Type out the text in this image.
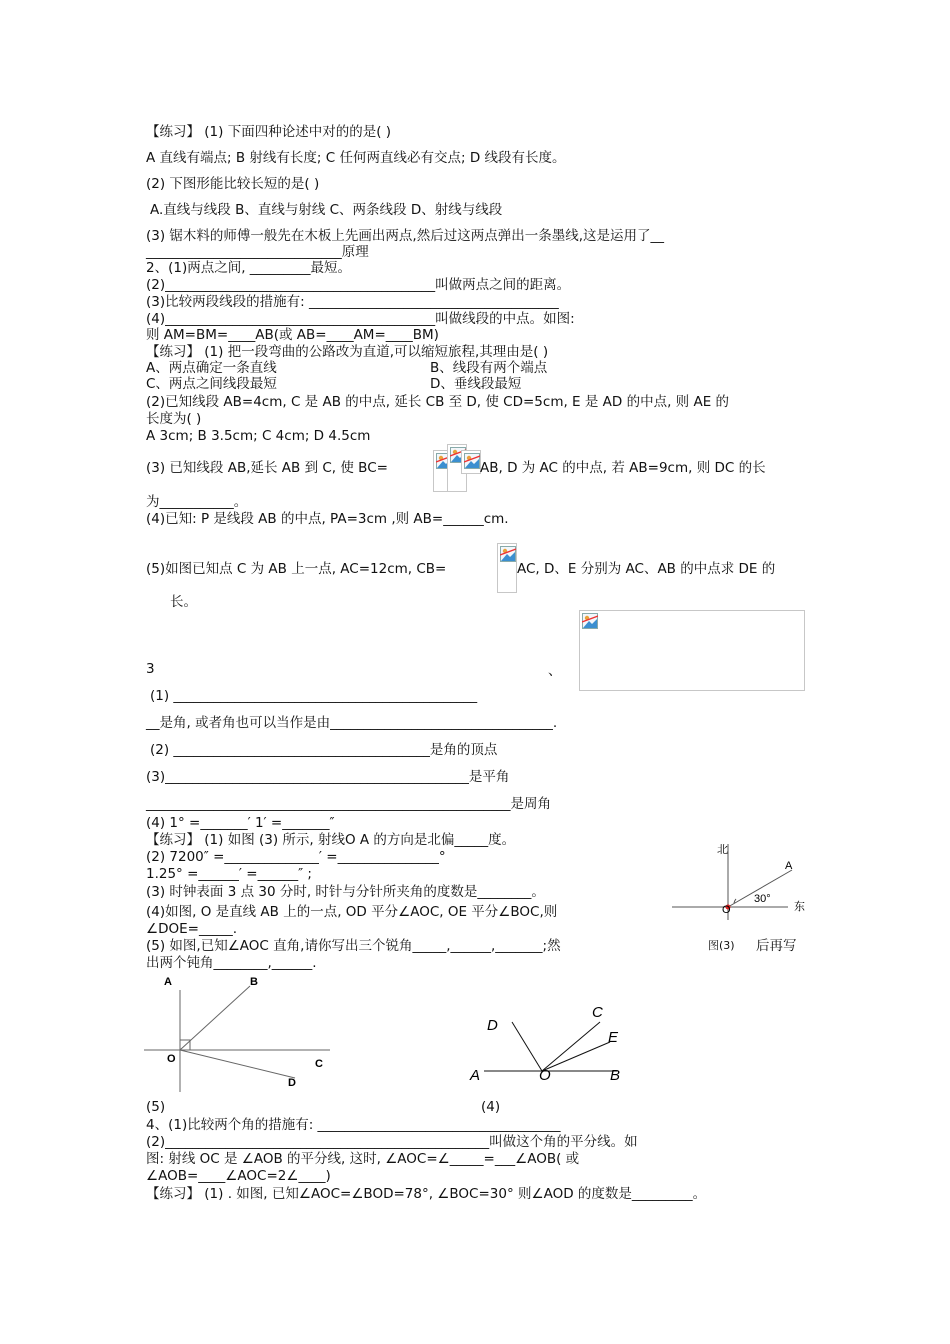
【练习】 (1) 下面四种论述中对的的是( )
A 直线有端点; B 射线有长度; C 任何两直线必有交点; D 线段有长度。
(2) 下图形能比较长短的是( )
A.直线与线段 B、直线与射线 C、两条线段 D、射线与线段
(3) 锯木料的师傅一般先在木板上先画出两点,然后过这两点弹出一条墨线,这是运用了__
_____________________________原理
2、(1)两点之间, _________最短。
(2)________________________________________叫做两点之间的距离。
(3)比较两段线段的措施有: _____________________________________
(4)________________________________________叫做线段的中点。如图:
则 AM=BM=____AB(或 AB=____AM=____BM)
【练习】 (1) 把一段弯曲的公路改为直道,可以缩短旅程,其理由是( )
A、两点确定一条直线	B、线段有两个端点
C、两点之间线段最短	D、垂线段最短
(2)已知线段 AB=4cm, C 是 AB 的中点, 延长 CB 至 D, 使 CD=5cm, E 是 AD 的中点, 则 AE 的
长度为( )
A 3cm; B 3.5cm; C 4cm; D 4.5cm
(3) 已知线段 AB,延长 AB 到 C, 使 BC=	AB, D 为 AC 的中点, 若 AB=9cm, 则 DC 的长
为___________。
(4)已知: P 是线段 AB 的中点, PA=3cm ,则 AB=______cm.
(5)如图已知点 C 为 AB 上一点, AC=12cm, CB=	AC, D、E 分别为 AC、AB 的中点求 DE 的
长。
3	、
(1) _____________________________________________
__是角, 或者角也可以当作是由_________________________________.
(2) ______________________________________是角的顶点
(3)_____________________________________________是平角
______________________________________________________是周角
(4) 1° =_______′ 1′ =_______″
【练习】 (1) 如图 (3) 所示, 射线O A 的方向是北偏_____度。
(2) 7200″ =______________′ =_______________°
1.25° =______′ =______″ ;
(3) 时钟表面 3 点 30 分时, 时针与分针所夹角的度数是________。
(4)如图, O 是直线 AB 上的一点, OD 平分∠AOC, OE 平分∠BOC,则
∠DOE=_____.
(5) 如图,已知∠AOC 直角,请你写出三个锐角_____,______,_______;然	后再写
出两个钝角________,______.
北
东
A
O
30°
图(3)
A	B
O	C
D
(5)
A	O	B
C
D
E
(4)
4、(1)比较两个角的措施有: ____________________________________
(2)________________________________________________叫做这个角的平分线。如
图: 射线 OC 是 ∠AOB 的平分线, 这时, ∠AOC=∠_____=___∠AOB( 或
∠AOB=____∠AOC=2∠____)
【练习】 (1) . 如图, 已知∠AOC=∠BOD=78°, ∠BOC=30° 则∠AOD 的度数是_________。
